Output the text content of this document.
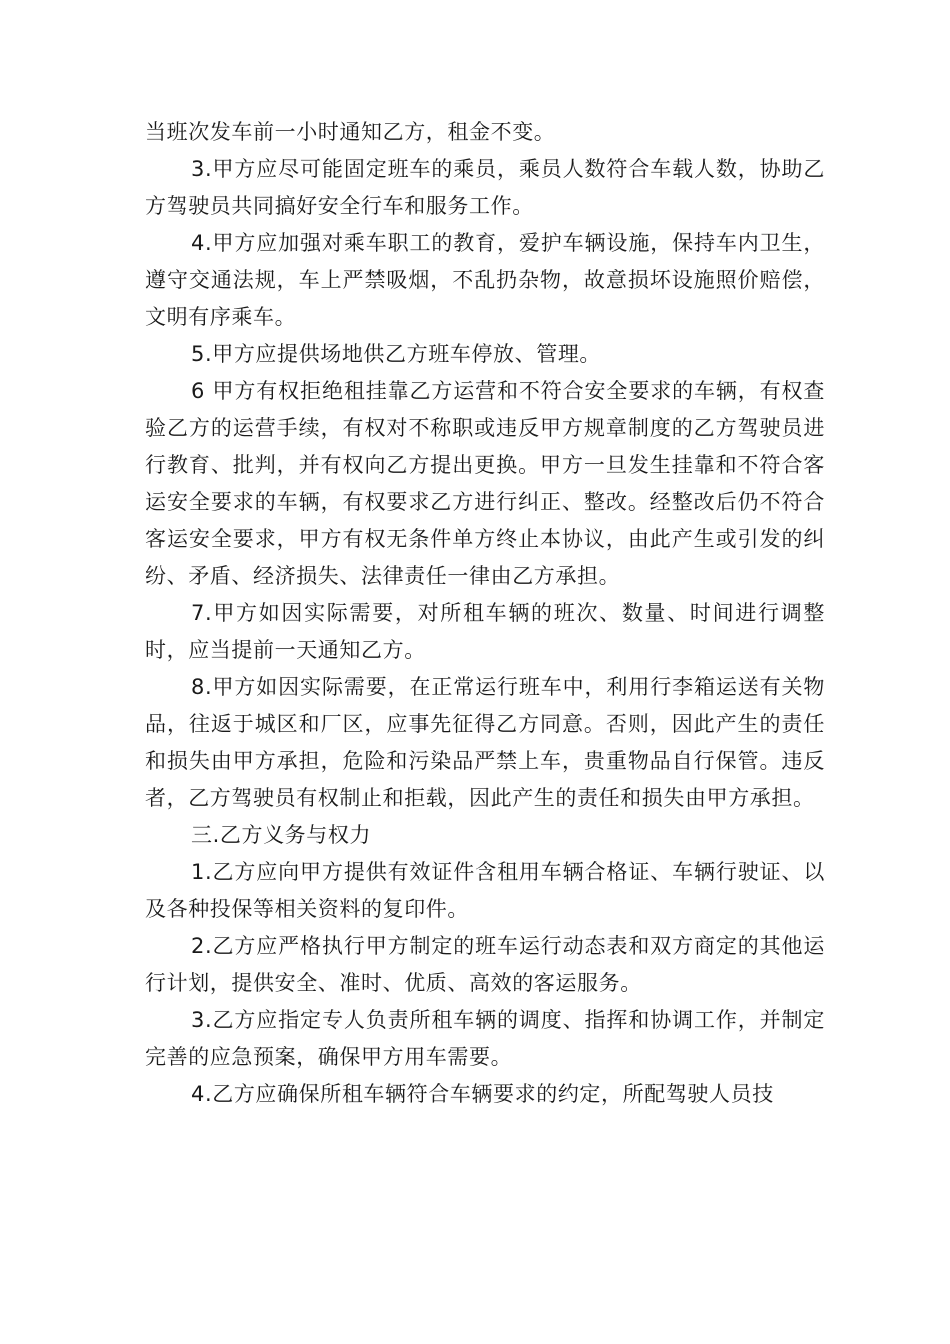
当班次发车前一小时通知乙方，租金不变。

3.甲方应尽可能固定班车的乘员，乘员人数符合车载人数，协助乙方驾驶员共同搞好安全行车和服务工作。

4.甲方应加强对乘车职工的教育，爱护车辆设施，保持车内卫生，遵守交通法规，车上严禁吸烟，不乱扔杂物，故意损坏设施照价赔偿，文明有序乘车。

5.甲方应提供场地供乙方班车停放、管理。

6 甲方有权拒绝租挂靠乙方运营和不符合安全要求的车辆，有权查验乙方的运营手续，有权对不称职或违反甲方规章制度的乙方驾驶员进行教育、批判，并有权向乙方提出更换。甲方一旦发生挂靠和不符合客运安全要求的车辆，有权要求乙方进行纠正、整改。经整改后仍不符合客运安全要求，甲方有权无条件单方终止本协议，由此产生或引发的纠纷、矛盾、经济损失、法律责任一律由乙方承担。

7.甲方如因实际需要，对所租车辆的班次、数量、时间进行调整时，应当提前一天通知乙方。

8.甲方如因实际需要，在正常运行班车中，利用行李箱运送有关物品，往返于城区和厂区，应事先征得乙方同意。否则，因此产生的责任和损失由甲方承担，危险和污染品严禁上车，贵重物品自行保管。违反者，乙方驾驶员有权制止和拒载，因此产生的责任和损失由甲方承担。

三.乙方义务与权力

1.乙方应向甲方提供有效证件含租用车辆合格证、车辆行驶证、以及各种投保等相关资料的复印件。

2.乙方应严格执行甲方制定的班车运行动态表和双方商定的其他运行计划，提供安全、准时、优质、高效的客运服务。

3.乙方应指定专人负责所租车辆的调度、指挥和协调工作，并制定完善的应急预案，确保甲方用车需要。

4.乙方应确保所租车辆符合车辆要求的约定，所配驾驶人员技
